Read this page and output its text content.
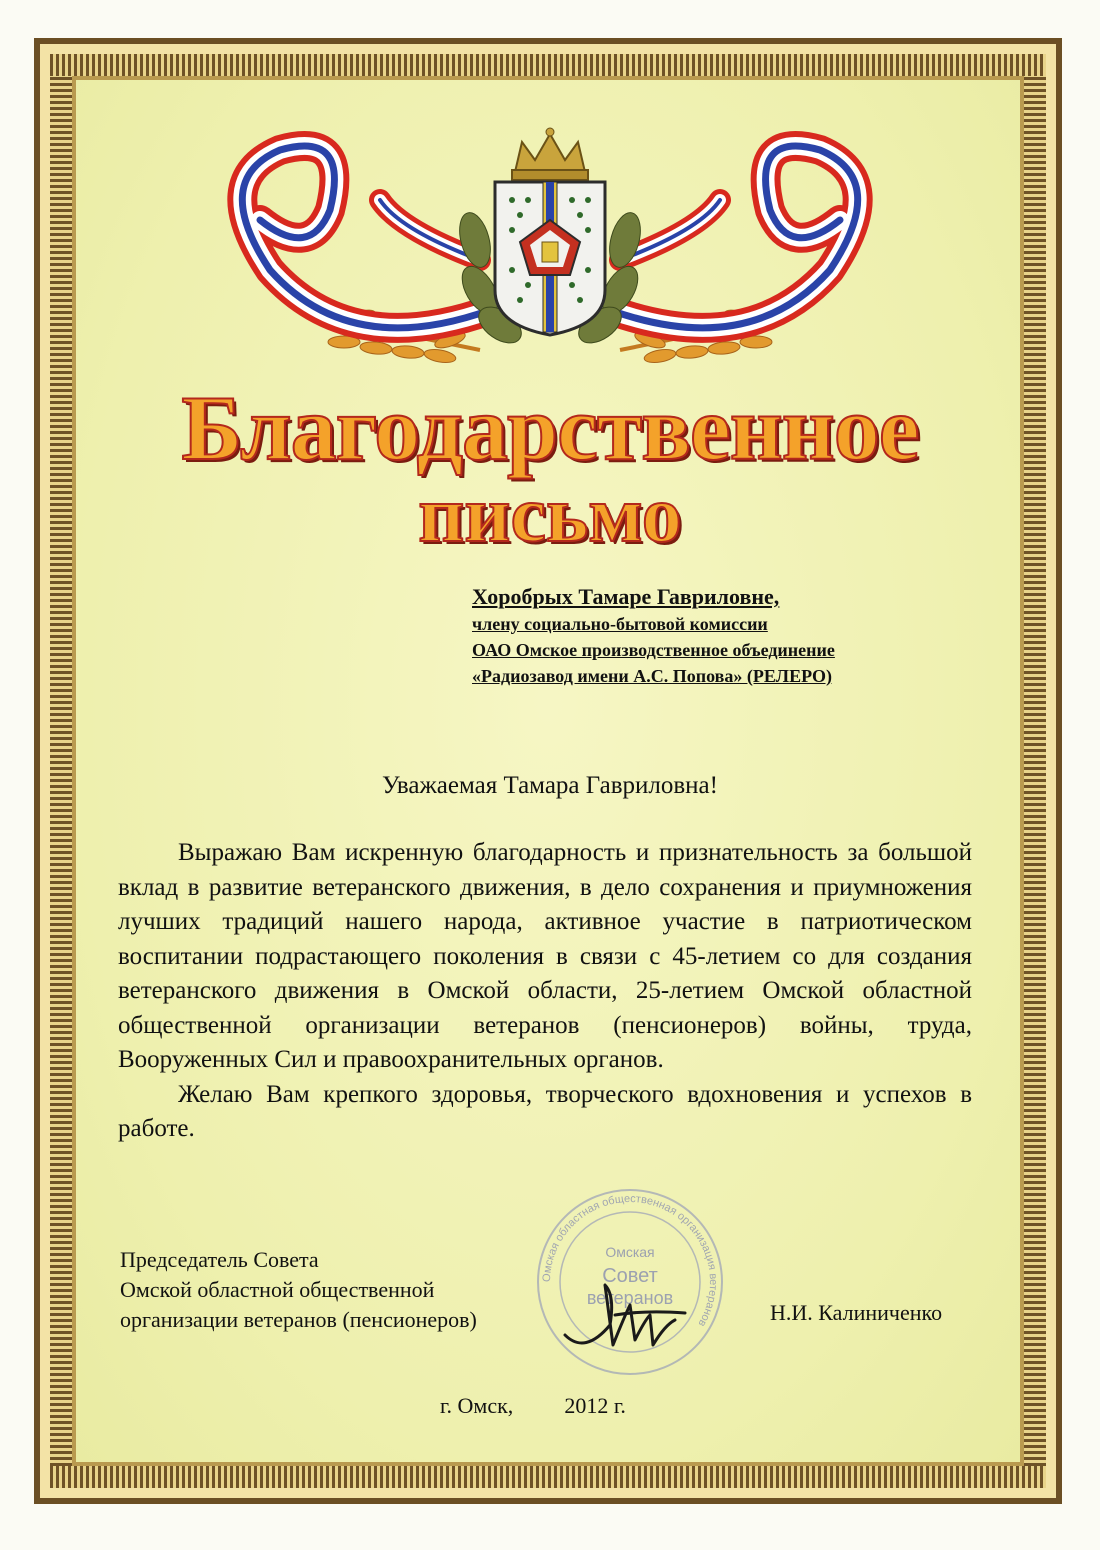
Благодарственное
письмо

Хоробрых Тамаре Гавриловне,

члену социально-бытовой комиссии

ОАО Омское производственное объединение

«Радиозавод имени А.С. Попова» (РЕЛЕРО)

Уважаемая Тамара Гавриловна!

Выражаю Вам искренную благодарность и признательность за большой вклад в развитие ветеранского движения, в дело сохранения и приумножения лучших традиций нашего народа, активное участие в патриотическом воспитании подрастающего поколения в связи с 45-летием со для создания ветеранского движения в Омской области, 25-летием Омской областной общественной организации ветеранов (пенсионеров) войны, труда, Вооруженных Сил и правоохранительных органов.

Желаю Вам крепкого здоровья, творческого вдохновения и успехов в работе.

Председатель Совета
Омской областной общественной
организации ветеранов (пенсионеров)
Омская областная общественная организация ветеранов
Омская
Совет
ветеранов
Н.И. Калиниченко
г. Омск, 2012 г.
